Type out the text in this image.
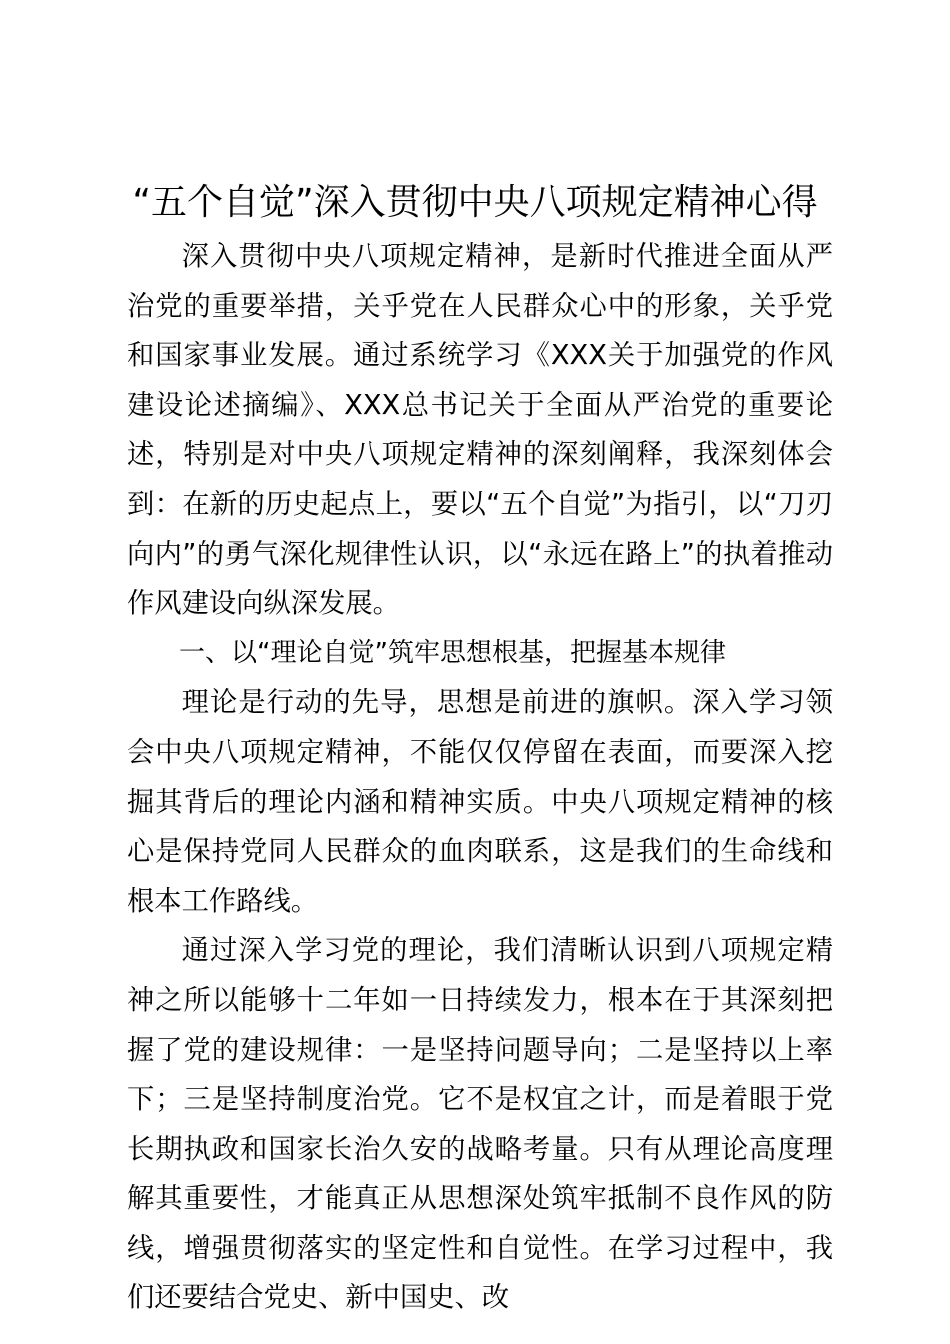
“五个自觉”深入贯彻中央八项规定精神心得

深入贯彻中央八项规定精神，是新时代推进全面从严治党的重要举措，关乎党在人民群众心中的形象，关乎党和国家事业发展。通过系统学习《XXX关于加强党的作风建设论述摘编》、XXX总书记关于全面从严治党的重要论述，特别是对中央八项规定精神的深刻阐释，我深刻体会到：在新的历史起点上，要以“五个自觉”为指引，以“刀刃向内”的勇气深化规律性认识，以“永远在路上”的执着推动作风建设向纵深发展。

一、以“理论自觉”筑牢思想根基，把握基本规律

理论是行动的先导，思想是前进的旗帜。深入学习领会中央八项规定精神，不能仅仅停留在表面，而要深入挖掘其背后的理论内涵和精神实质。中央八项规定精神的核心是保持党同人民群众的血肉联系，这是我们的生命线和根本工作路线。

通过深入学习党的理论，我们清晰认识到八项规定精神之所以能够十二年如一日持续发力，根本在于其深刻把握了党的建设规律：一是坚持问题导向；二是坚持以上率下；三是坚持制度治党。它不是权宜之计，而是着眼于党长期执政和国家长治久安的战略考量。只有从理论高度理解其重要性，才能真正从思想深处筑牢抵制不良作风的防线，增强贯彻落实的坚定性和自觉性。在学习过程中，我们还要结合党史、新中国史、改
